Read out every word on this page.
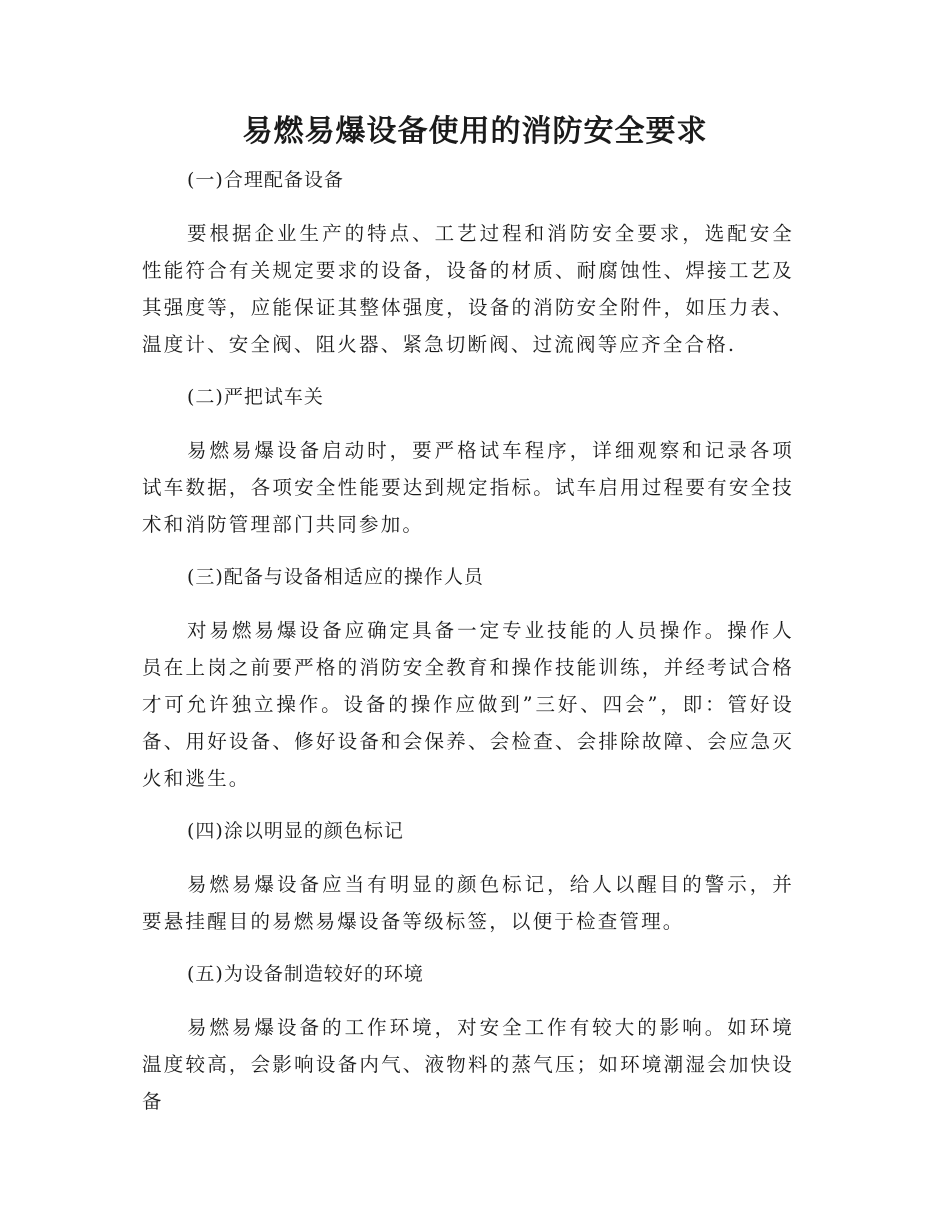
易燃易爆设备使用的消防安全要求
(一)合理配备设备
要根据企业生产的特点、工艺过程和消防安全要求，选配安全性能符合有关规定要求的设备，设备的材质、耐腐蚀性、焊接工艺及其强度等，应能保证其整体强度，设备的消防安全附件，如压力表、温度计、安全阀、阻火器、紧急切断阀、过流阀等应齐全合格.
(二)严把试车关
易燃易爆设备启动时，要严格试车程序，详细观察和记录各项试车数据，各项安全性能要达到规定指标。试车启用过程要有安全技术和消防管理部门共同参加。
(三)配备与设备相适应的操作人员
对易燃易爆设备应确定具备一定专业技能的人员操作。操作人员在上岗之前要严格的消防安全教育和操作技能训练，并经考试合格才可允许独立操作。设备的操作应做到”三好、四会”，即：管好设备、用好设备、修好设备和会保养、会检查、会排除故障、会应急灭火和逃生。
(四)涂以明显的颜色标记
易燃易爆设备应当有明显的颜色标记，给人以醒目的警示，并要悬挂醒目的易燃易爆设备等级标签，以便于检查管理。
(五)为设备制造较好的环境
易燃易爆设备的工作环境，对安全工作有较大的影响。如环境温度较高，会影响设备内气、液物料的蒸气压；如环境潮湿会加快设备
